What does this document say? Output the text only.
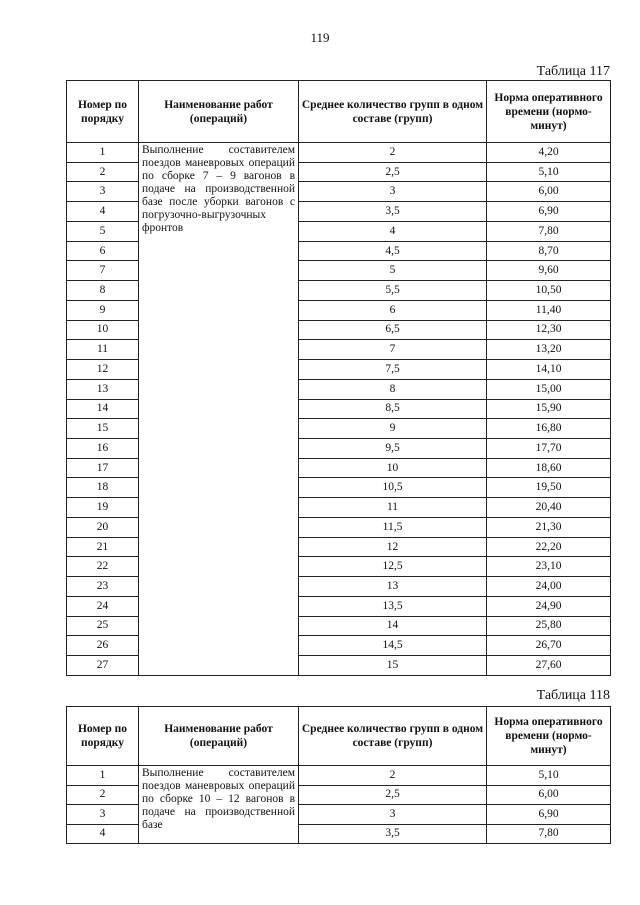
119
Таблица 117
Номер по порядку	Наименование работ (операций)	Среднее количество групп в одном составе (групп)	Норма оперативного времени (нормо-минут)
1	Выполнение составителем поездов маневровых операций по сборке 7 – 9 вагонов в подаче на производственной базе после уборки вагонов с погрузочно-выгрузочных фронтов	2	4,20
2		2,5	5,10
3		3	6,00
4		3,5	6,90
5		4	7,80
6		4,5	8,70
7		5	9,60
8		5,5	10,50
9		6	11,40
10		6,5	12,30
11		7	13,20
12		7,5	14,10
13		8	15,00
14		8,5	15,90
15		9	16,80
16		9,5	17,70
17		10	18,60
18		10,5	19,50
19		11	20,40
20		11,5	21,30
21		12	22,20
22		12,5	23,10
23		13	24,00
24		13,5	24,90
25		14	25,80
26		14,5	26,70
27		15	27,60
Таблица 118
Номер по порядку	Наименование работ (операций)	Среднее количество групп в одном составе (групп)	Норма оперативного времени (нормо-минут)
1	Выполнение составителем поездов маневровых операций по сборке 10 – 12 вагонов в подаче на производственной базе	2	5,10
2		2,5	6,00
3		3	6,90
4		3,5	7,80
